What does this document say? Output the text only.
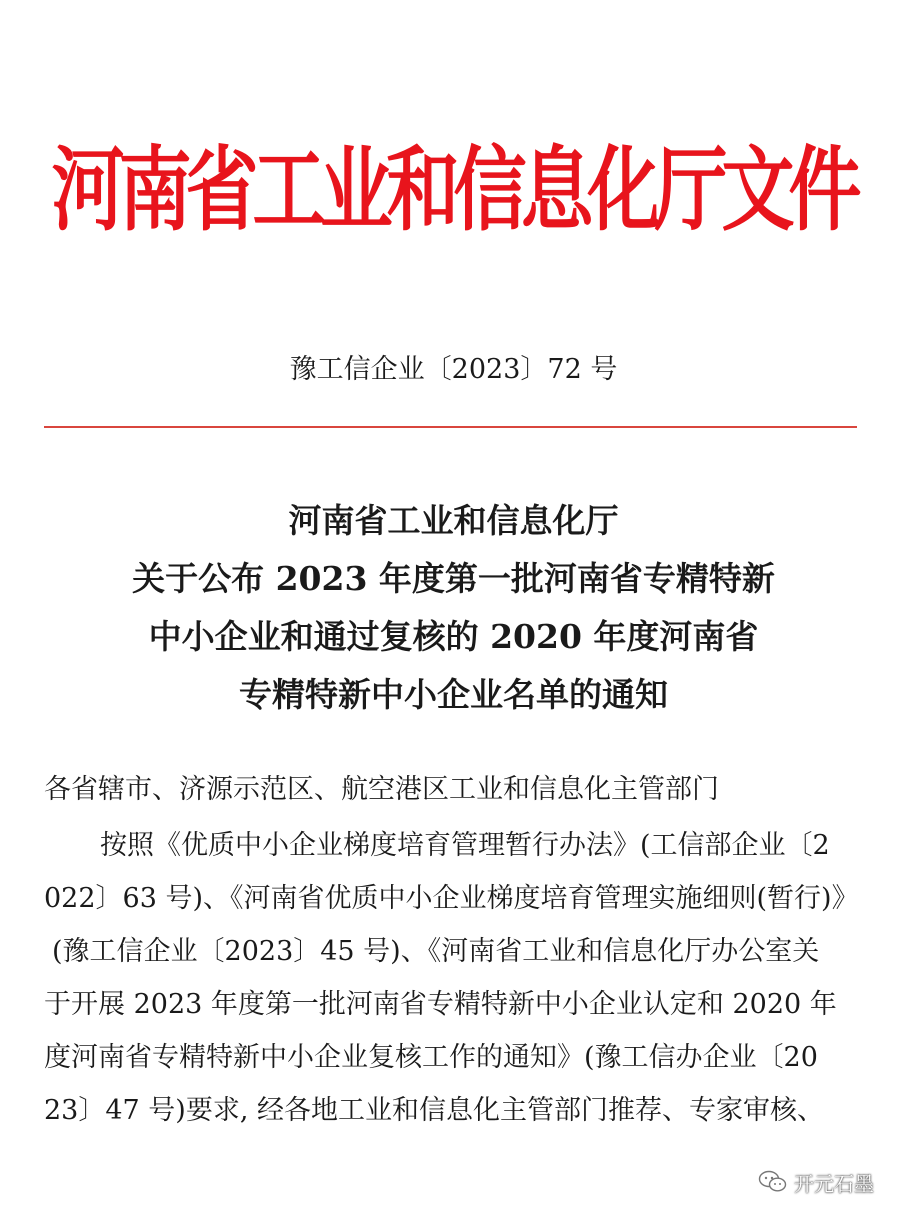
河南省工业和信息化厅文件
豫工信企业〔2023〕72 号
河南省工业和信息化厅
关于公布 2023 年度第一批河南省专精特新
中小企业和通过复核的 2020 年度河南省
专精特新中小企业名单的通知
各省辖市、济源示范区、航空港区工业和信息化主管部门
按照《优质中小企业梯度培育管理暂行办法》(工信部企业〔2
022〕63 号)、《河南省优质中小企业梯度培育管理实施细则(暂行)》
(豫工信企业〔2023〕45 号)、《河南省工业和信息化厅办公室关
于开展 2023 年度第一批河南省专精特新中小企业认定和 2020 年
度河南省专精特新中小企业复核工作的通知》(豫工信办企业〔20
23〕47 号)要求, 经各地工业和信息化主管部门推荐、专家审核、
开元石墨
